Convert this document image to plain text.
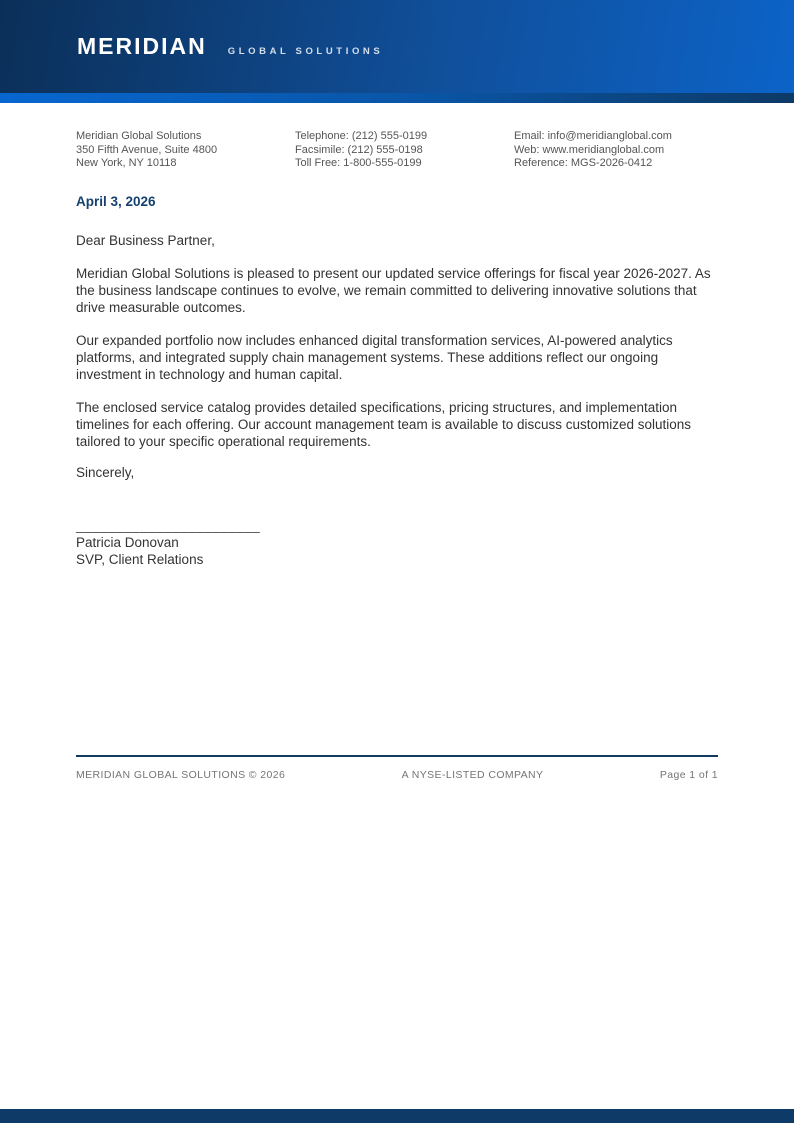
MERIDIAN GLOBAL SOLUTIONS
Meridian Global Solutions
350 Fifth Avenue, Suite 4800
New York, NY 10118
Telephone: (212) 555-0199
Facsimile: (212) 555-0198
Toll Free: 1-800-555-0199
Email: info@meridianglobal.com
Web: www.meridianglobal.com
Reference: MGS-2026-0412
April 3, 2026
Dear Business Partner,

Meridian Global Solutions is pleased to present our updated service offerings for fiscal year 2026-2027. As the business landscape continues to evolve, we remain committed to delivering innovative solutions that drive measurable outcomes.

Our expanded portfolio now includes enhanced digital transformation services, AI-powered analytics platforms, and integrated supply chain management systems. These additions reflect our ongoing investment in technology and human capital.

The enclosed service catalog provides detailed specifications, pricing structures, and implementation timelines for each offering. Our account management team is available to discuss customized solutions tailored to your specific operational requirements.

Sincerely,
_______________________
Patricia Donovan
SVP, Client Relations
MERIDIAN GLOBAL SOLUTIONS © 2026	A NYSE-LISTED COMPANY	Page 1 of 1
